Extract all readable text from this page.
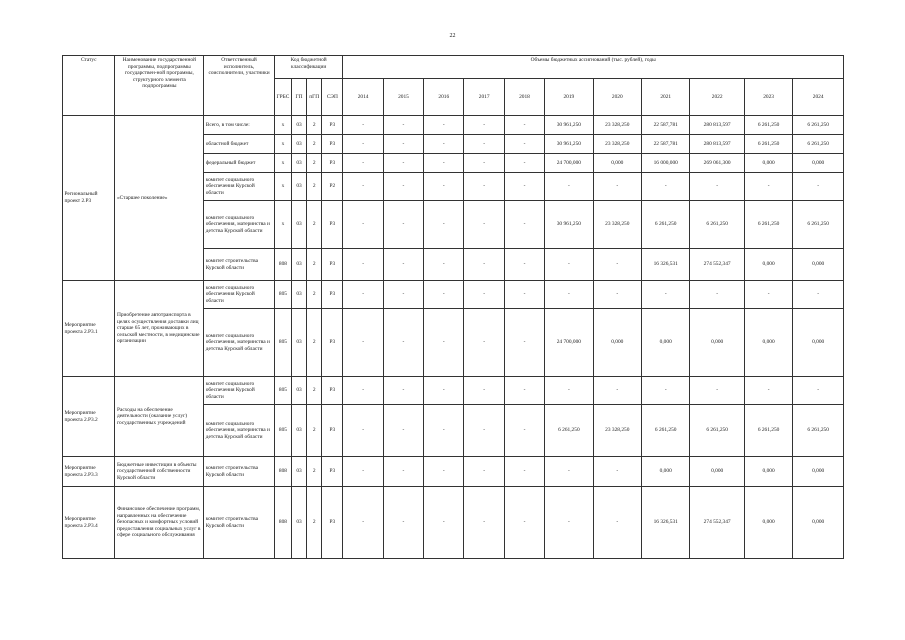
22
Статус	Наименование государственной программы, подпрограммы государствен-ной программы, структурного элемента подпрограммы	Ответственный исполнитель, соисполнители, участники	Код бюджетной классификации				Объемы бюджетных ассигнований (тыс. рублей), годы										
			ГРБС	ГП	пГП	СЭП	2014	2015	2016	2017	2018	2019	2020	2021	2022	2023	2024
Региональный проект 2.Р3	«Старшее поколение»	Всего, в том числе:	х	03	2	Р3	-	-	-	-	-	30 961,250	23 328,250	22 587,781	280 813,597	6 261,250	6 261,250
		областной бюджет	х	03	2	Р3	-	-	-	-	-	30 961,250	23 328,250	22 587,781	280 813,597	6 261,250	6 261,250
		федеральный бюджет	х	03	2	Р3	-	-	-	-	-	24 700,000	0,000	16 000,000	269 061,300	0,000	0,000
		комитет социального обеспечения Курской области	х	03	2	Р2	-	-	-	-	-	-	-	-	-	-	-
		комитет социального обеспечения, материнства и детства Курской области	х	03	2	Р3	-	-	-	-	-	30 961,250	23 328,250	6 261,250	6 261,250	6 261,250	6 261,250
		комитет строительства Курской области	808	03	2	Р3	-	-	-	-	-	-	-	16 326,531	274 552,347	0,000	0,000
Мероприятие проекта 2.Р3.1	Приобретение автотранспорта в целях осуществления доставки лиц старше 65 лет, проживающих в сельской местности, в медицинские организации	комитет социального обеспечения Курской области	805	03	2	Р3	-	-	-	-	-	-	-	-	-	-	-
		комитет социального обеспечения, материнства и детства Курской области	805	03	2	Р3	-	-	-	-	-	24 700,000	0,000	0,000	0,000	0,000	0,000
Мероприятие проекта 2.Р3.2	Расходы на обеспечение деятельности (оказание услуг) государственных учреждений	комитет социального обеспечения Курской области	805	03	2	Р3	-	-	-	-	-	-	-	-	-	-	-
		комитет социального обеспечения, материнства и детства Курской области	805	03	2	Р3	-	-	-	-	-	6 261,250	23 328,250	6 261,250	6 261,250	6 261,250	6 261,250
Мероприятие проекта 2.Р3.3	Бюджетные инвестиции в объекты государственной собственности Курской области	комитет строительства Курской области	808	03	2	Р3	-	-	-	-	-	-	-	0,000	0,000	0,000	0,000
Мероприятие проекта 2.Р3.4	Финансовое обеспечение программ, направленных на обеспечение безопасных и комфортных условий предоставления социальных услуг в сфере социального обслуживания	комитет строительства Курской области	808	03	2	Р3	-	-	-	-	-	-	-	16 326,531	274 552,347	0,000	0,000
